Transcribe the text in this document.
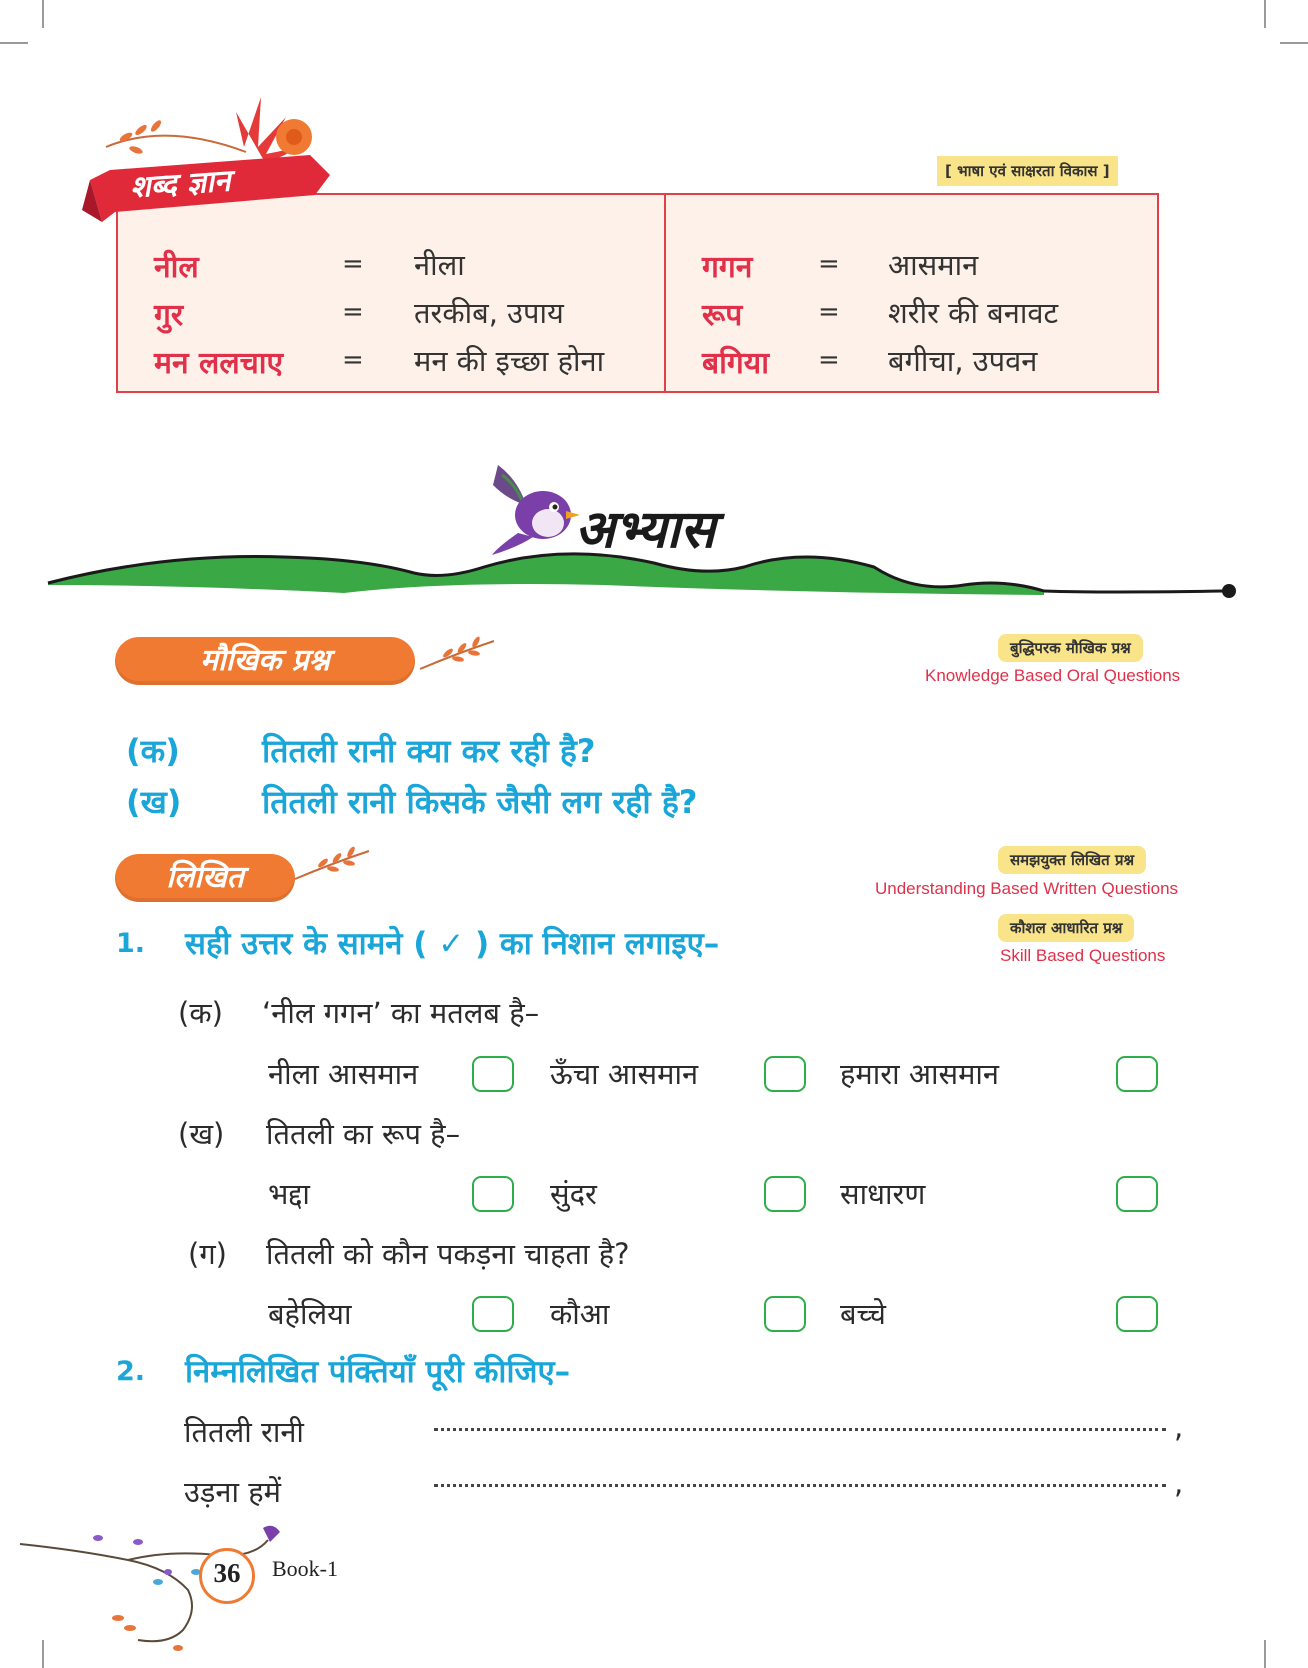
शब्द ज्ञान	[ भाषा एवं साक्षरता विकास ]
नील	= नीला
गुर	= तरकीब, उपाय
मन ललचाए = मन की इच्छा होना
गगन	= आसमान
रूप	= शरीर की बनावट
बगिया = बगीचा, उपवन
अभ्यास
मौखिक प्रश्न	बुद्धिपरक मौखिक प्रश्न
Knowledge Based Oral Questions
(क)	तितली रानी क्या कर रही है?
(ख)	तितली रानी किसके जैसी लग रही है?
लिखित	समझयुक्त लिखित प्रश्न
Understanding Based Written Questions
कौशल आधारित प्रश्न
Skill Based Questions
1. सही उत्तर के सामने ( ✓ ) का निशान लगाइए–
(क) ‘नील गगन’ का मतलब है–
नीला आसमान	ऊँचा आसमान	हमारा आसमान
(ख) तितली का रूप है–
भद्दा	सुंदर	साधारण
(ग) तितली को कौन पकड़ना चाहता है?
बहेलिया	कौआ	बच्चे
2. निम्नलिखित पंक्तियाँ पूरी कीजिए–
तितली रानी	,
उड़ना हमें	,
36	Book-1
